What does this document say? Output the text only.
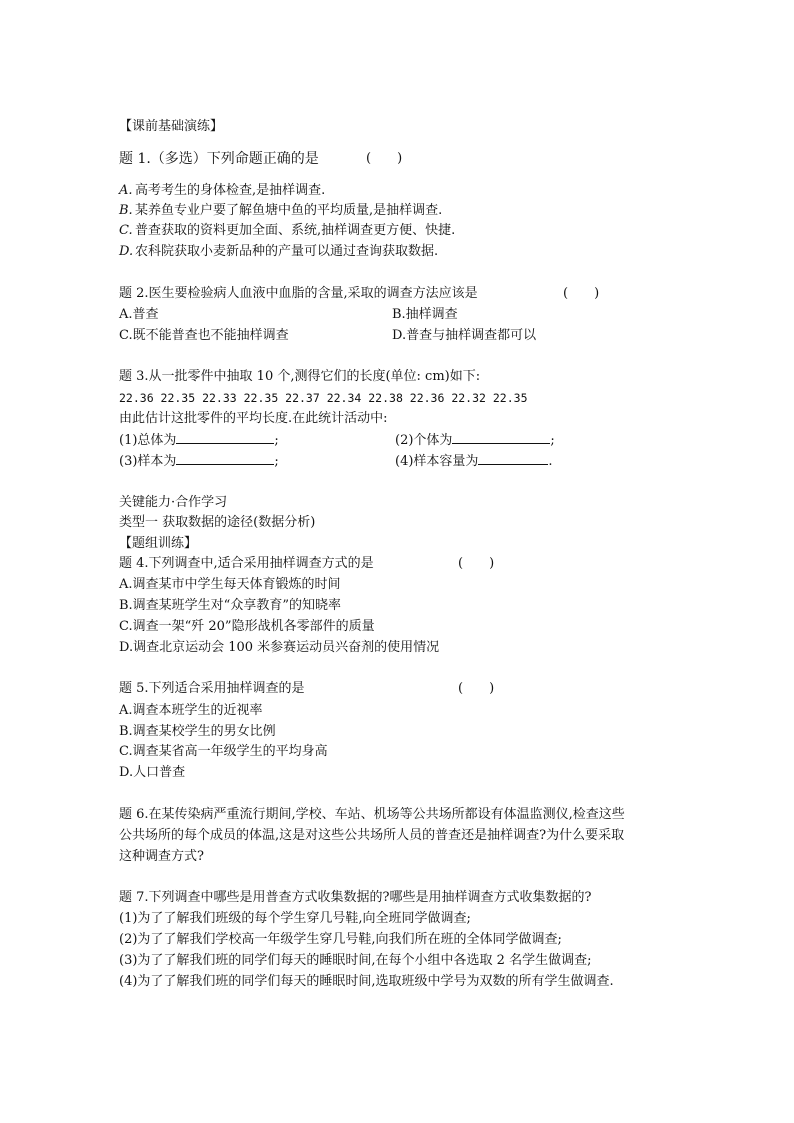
【课前基础演练】
题 1.（多选）下列命题正确的是	(　　)
A. 高考考生的身体检查,是抽样调查.
B. 某养鱼专业户要了解鱼塘中鱼的平均质量,是抽样调查.
C. 普查获取的资料更加全面、系统,抽样调查更方便、快捷.
D. 农科院获取小麦新品种的产量可以通过查询获取数据.
题 2.医生要检验病人血液中血脂的含量,采取的调查方法应该是	(　　)
A.普查	B.抽样调查
C.既不能普查也不能抽样调查	D.普查与抽样调查都可以
题 3.从一批零件中抽取 10 个,测得它们的长度(单位: cm)如下:
22.36 22.35 22.33 22.35 22.37 22.34 22.38 22.36 22.32 22.35
由此估计这批零件的平均长度.在此统计活动中:
(1)总体为	;	(2)个体为	;
(3)样本为	;	(4)样本容量为	.
关键能力·合作学习
类型一 获取数据的途径(数据分析)
【题组训练】
题 4.下列调查中,适合采用抽样调查方式的是	(　　)
A.调查某市中学生每天体育锻炼的时间
B.调查某班学生对“众享教育”的知晓率
C.调查一架“歼 20”隐形战机各零部件的质量
D.调查北京运动会 100 米参赛运动员兴奋剂的使用情况
题 5.下列适合采用抽样调查的是	(　　)
A.调查本班学生的近视率
B.调查某校学生的男女比例
C.调查某省高一年级学生的平均身高
D.人口普查
题 6.在某传染病严重流行期间,学校、车站、机场等公共场所都设有体温监测仪,检查这些
公共场所的每个成员的体温,这是对这些公共场所人员的普查还是抽样调查?为什么要采取
这种调查方式?
题 7.下列调查中哪些是用普查方式收集数据的?哪些是用抽样调查方式收集数据的?
(1)为了了解我们班级的每个学生穿几号鞋,向全班同学做调查;
(2)为了了解我们学校高一年级学生穿几号鞋,向我们所在班的全体同学做调查;
(3)为了了解我们班的同学们每天的睡眠时间,在每个小组中各选取 2 名学生做调查;
(4)为了了解我们班的同学们每天的睡眠时间,选取班级中学号为双数的所有学生做调查.
